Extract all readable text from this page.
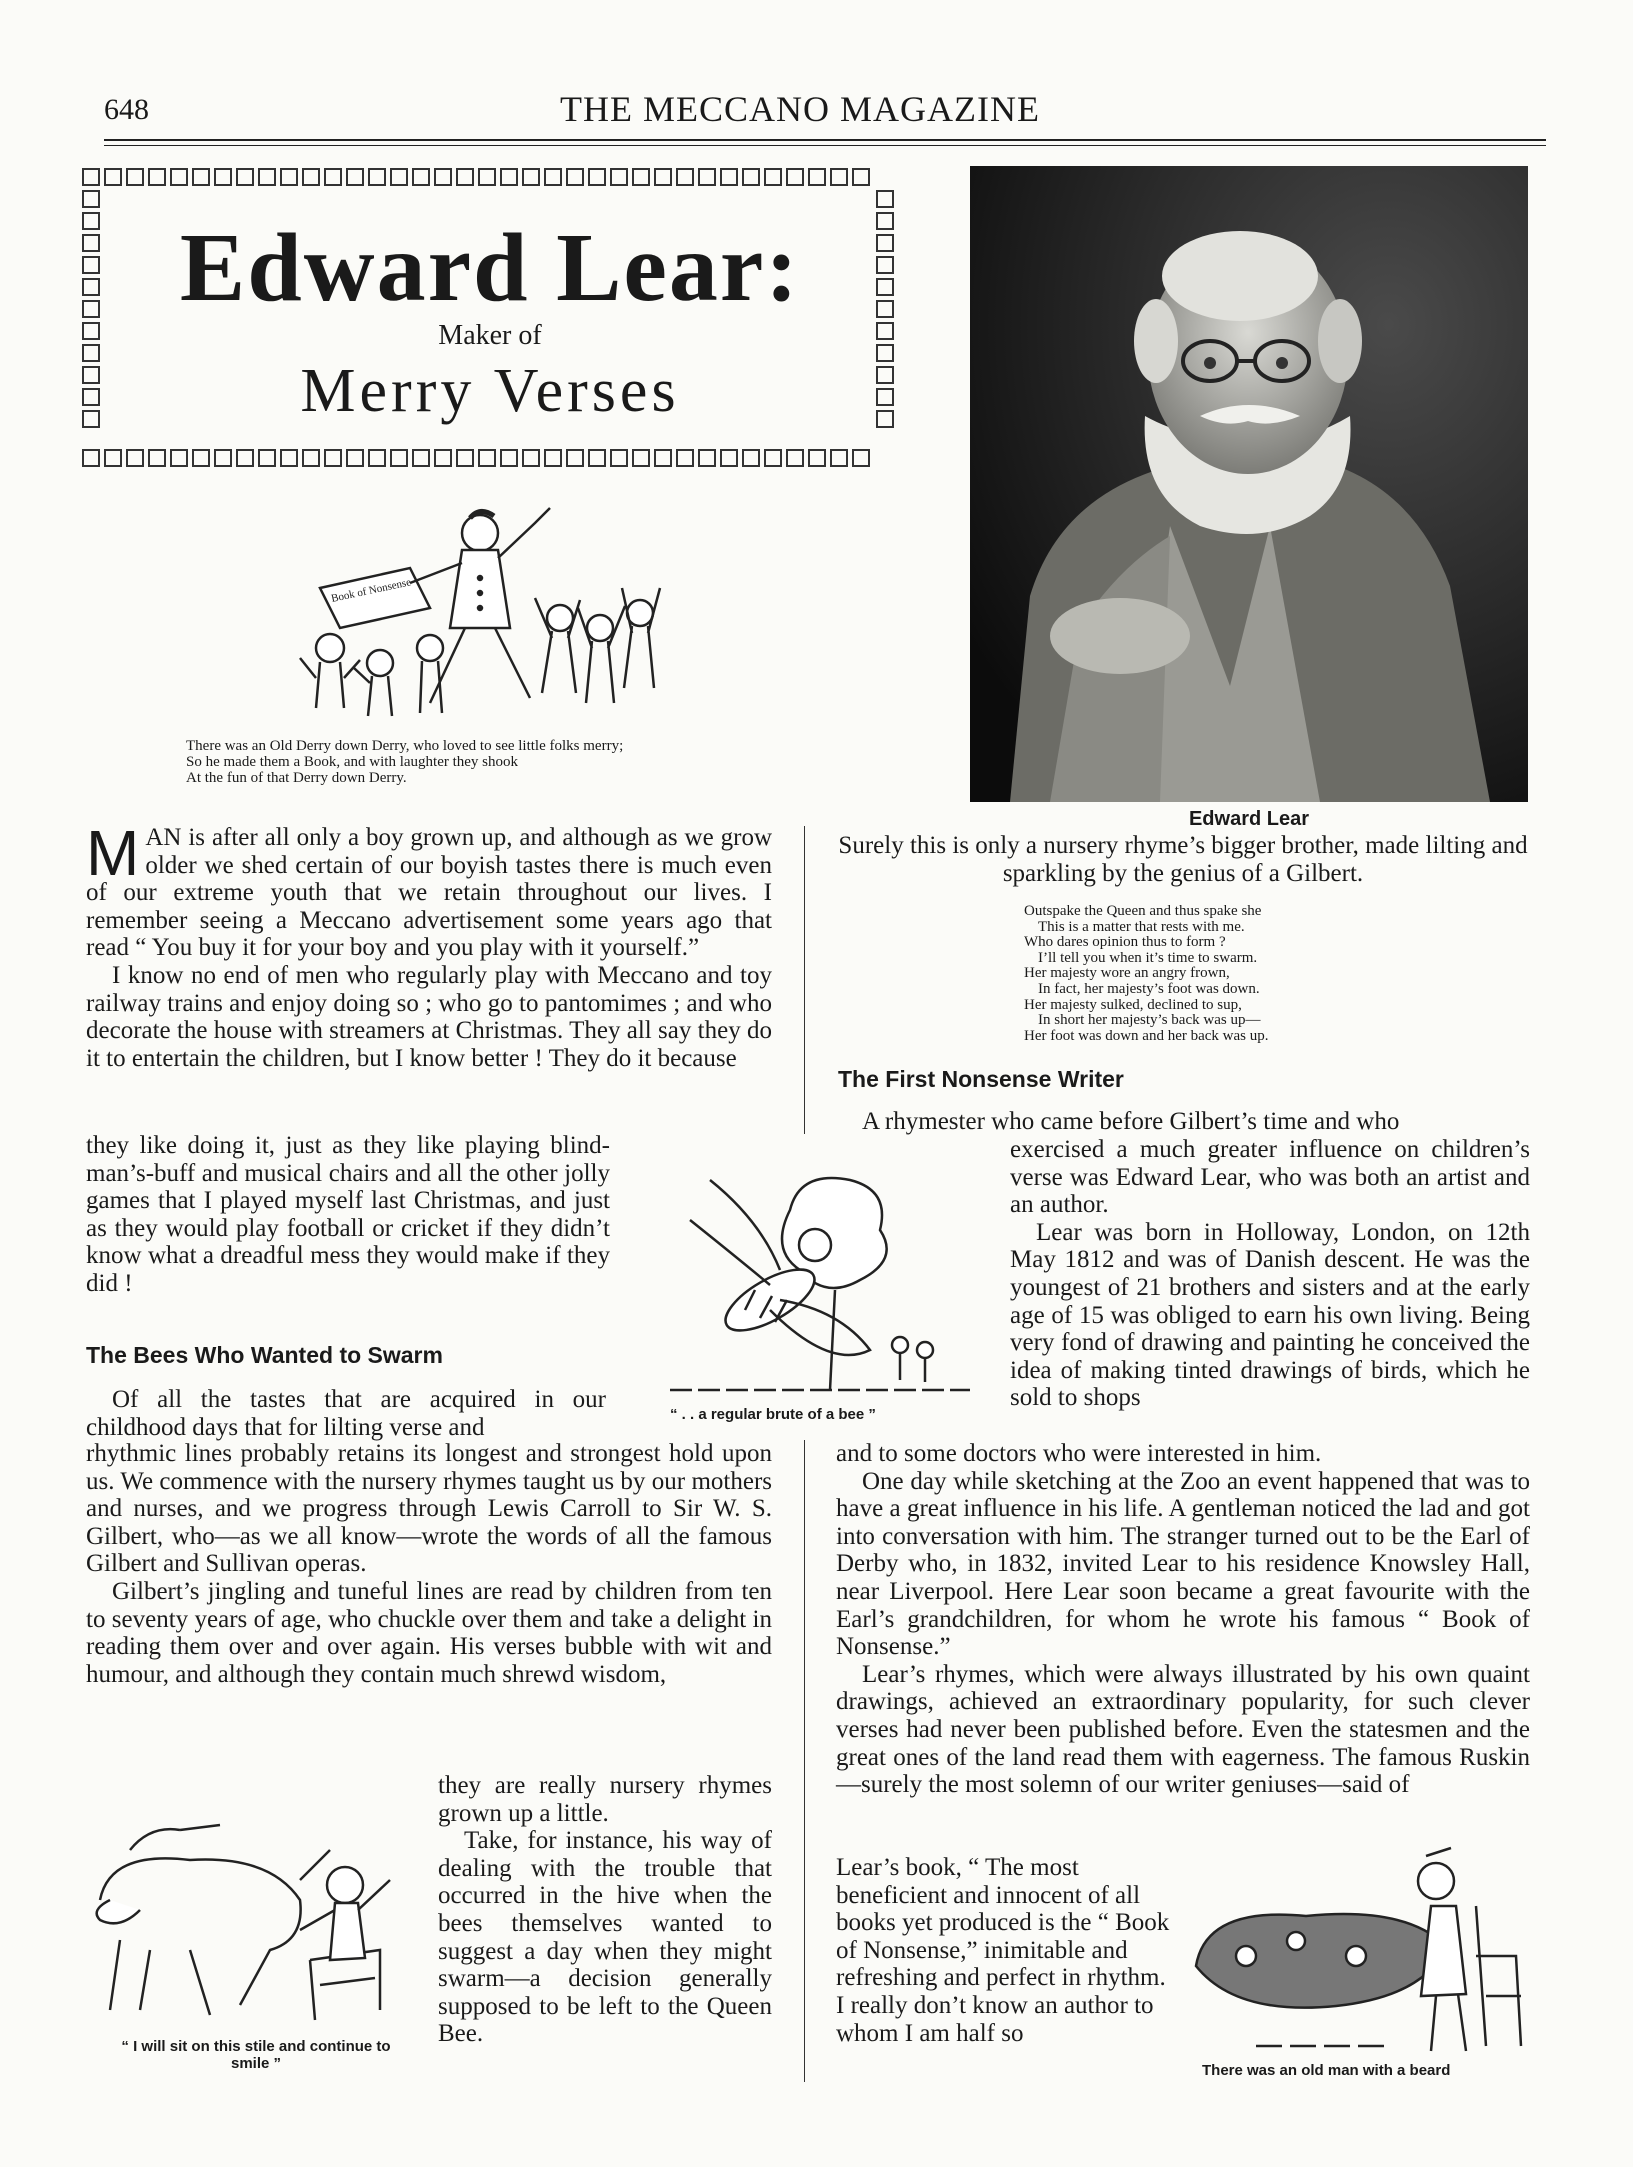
648	THE MECCANO MAGAZINE
Edward Lear:
Maker of
Merry Verses
Edward Lear
Book of Nonsense
There was an Old Derry down Derry, who loved to see little folks merry;
So he made them a Book, and with laughter they shook
At the fun of that Derry down Derry.

MAN is after all only a boy grown up, and although as we grow older we shed certain of our boyish tastes there is much even of our extreme youth that we retain throughout our lives. I remember seeing a Meccano advertisement some years ago that read “ You buy it for your boy and you play with it yourself.”

I know no end of men who regularly play with Meccano and toy railway trains and enjoy doing so ; who go to pantomimes ; and who decorate the house with streamers at Christmas. They all say they do it to entertain the children, but I know better ! They do it because

they like doing it, just as they like playing blind-man’s-buff and musical chairs and all the other jolly games that I played myself last Christmas, and just as they would play football or cricket if they didn’t know what a dreadful mess they would make if they did !

The Bees Who Wanted to Swarm

Of all the tastes that are acquired in our childhood days that for lilting verse and

rhythmic lines probably retains its longest and strongest hold upon us. We commence with the nursery rhymes taught us by our mothers and nurses, and we progress through Lewis Carroll to Sir W. S. Gilbert, who—as we all know—wrote the words of all the famous Gilbert and Sullivan operas.

Gilbert’s jingling and tuneful lines are read by children from ten to seventy years of age, who chuckle over them and take a delight in reading them over and over again. His verses bubble with wit and humour, and although they contain much shrewd wisdom,

they are really nursery rhymes grown up a little.

Take, for instance, his way of dealing with the trouble that occurred in the hive when the bees themselves wanted to suggest a day when they might swarm—a decision generally supposed to be left to the Queen Bee.

“ . . a regular brute of a bee ”
“ I will sit on this stile and continue to smile ”
Surely this is only a nursery rhyme’s bigger brother, made lilting and sparkling by the genius of a Gilbert.
Outspake the Queen and thus spake she
This is a matter that rests with me.
Who dares opinion thus to form ?
I’ll tell you when it’s time to swarm.
Her majesty wore an angry frown,
In fact, her majesty’s foot was down.
Her majesty sulked, declined to sup,
In short her majesty’s back was up—
Her foot was down and her back was up.
The First Nonsense Writer

A rhymester who came before Gilbert’s time and who

exercised a much greater influence on children’s verse was Edward Lear, who was both an artist and an author.

Lear was born in Holloway, London, on 12th May 1812 and was of Danish descent. He was the youngest of 21 brothers and sisters and at the early age of 15 was obliged to earn his own living. Being very fond of drawing and painting he conceived the idea of making tinted drawings of birds, which he sold to shops

and to some doctors who were interested in him.

One day while sketching at the Zoo an event happened that was to have a great influence in his life. A gentleman noticed the lad and got into conversation with him. The stranger turned out to be the Earl of Derby who, in 1832, invited Lear to his residence Knowsley Hall, near Liverpool. Here Lear soon became a great favourite with the Earl’s grandchildren, for whom he wrote his famous “ Book of Nonsense.”

Lear’s rhymes, which were always illustrated by his own quaint drawings, achieved an extraordinary popularity, for such clever verses had never been published before. Even the statesmen and the great ones of the land read them with eagerness. The famous Ruskin—surely the most solemn of our writer geniuses—said of

Lear’s book, “ The most beneficient and innocent of all books yet produced is the “ Book of Nonsense,” inimitable and refreshing and perfect in rhythm. I really don’t know an author to whom I am half so

There was an old man with a beard
